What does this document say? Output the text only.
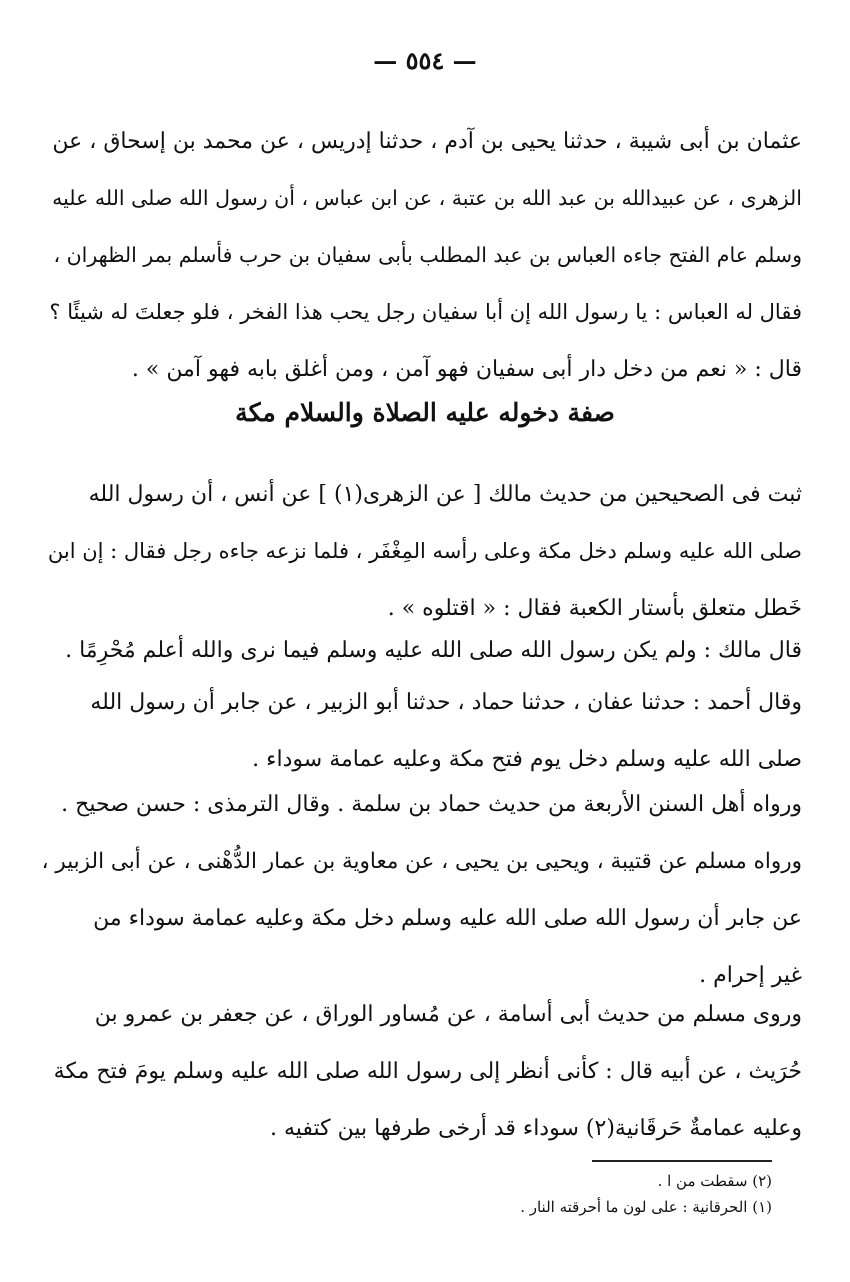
— ٥٥٤ —
عثمان بن أبى شيبة ، حدثنا يحيى بن آدم ، حدثنا إدريس ، عن محمد بن إسحاق ، عن
الزهرى ، عن عبيدالله بن عبد الله بن عتبة ، عن ابن عباس ، أن رسول الله صلى الله عليه
وسلم عام الفتح جاءه العباس بن عبد المطلب بأبى سفيان بن حرب فأسلم بمر الظهران ،
فقال له العباس : يا رسول الله إن أبا سفيان رجل يحب هذا الفخر ، فلو جعلتَ له شيئًا ؟
قال : « نعم من دخل دار أبى سفيان فهو آمن ، ومن أغلق بابه فهو آمن » .
صفة دخوله عليه الصلاة والسلام مكة
ثبت فى الصحيحين من حديث مالك [ عن الزهرى(١) ] عن أنس ، أن رسول الله
صلى الله عليه وسلم دخل مكة وعلى رأسه المِغْفَر ، فلما نزعه جاءه رجل فقال : إن ابن
خَطل متعلق بأستار الكعبة فقال : « اقتلوه » .
قال مالك : ولم يكن رسول الله صلى الله عليه وسلم فيما نرى والله أعلم مُحْرِمًا .
وقال أحمد : حدثنا عفان ، حدثنا حماد ، حدثنا أبو الزبير ، عن جابر أن رسول الله
صلى الله عليه وسلم دخل يوم فتح مكة وعليه عمامة سوداء .
ورواه أهل السنن الأربعة من حديث حماد بن سلمة . وقال الترمذى : حسن صحيح .
ورواه مسلم عن قتيبة ، ويحيى بن يحيى ، عن معاوية بن عمار الدُّهْنى ، عن أبى الزبير ،
عن جابر أن رسول الله صلى الله عليه وسلم دخل مكة وعليه عمامة سوداء من
غير إحرام .
وروى مسلم من حديث أبى أسامة ، عن مُساور الوراق ، عن جعفر بن عمرو بن
حُرَيث ، عن أبيه قال : كأنى أنظر إلى رسول الله صلى الله عليه وسلم يومَ فتح مكة
وعليه عمامةٌ حَرقَانية(٢) سوداء قد أرخى طرفها بين كتفيه .
(٢) سقطت من ا .
(١) الحرقانية : على لون ما أحرقته النار .
